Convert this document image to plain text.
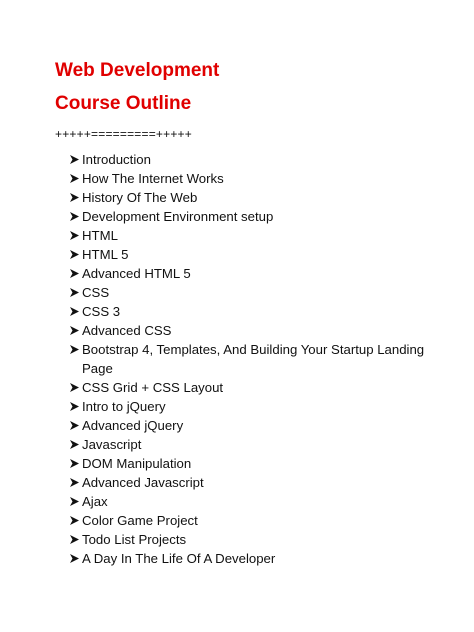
Web Development
Course Outline
+++++=========+++++
Introduction
How The Internet Works
History Of The Web
Development Environment setup
HTML
HTML 5
Advanced HTML 5
CSS
CSS 3
Advanced CSS
Bootstrap 4, Templates, And Building Your Startup Landing Page
CSS Grid + CSS Layout
Intro to jQuery
Advanced jQuery
Javascript
DOM Manipulation
Advanced Javascript
Ajax
Color Game Project
Todo List Projects
A Day In The Life Of A Developer
